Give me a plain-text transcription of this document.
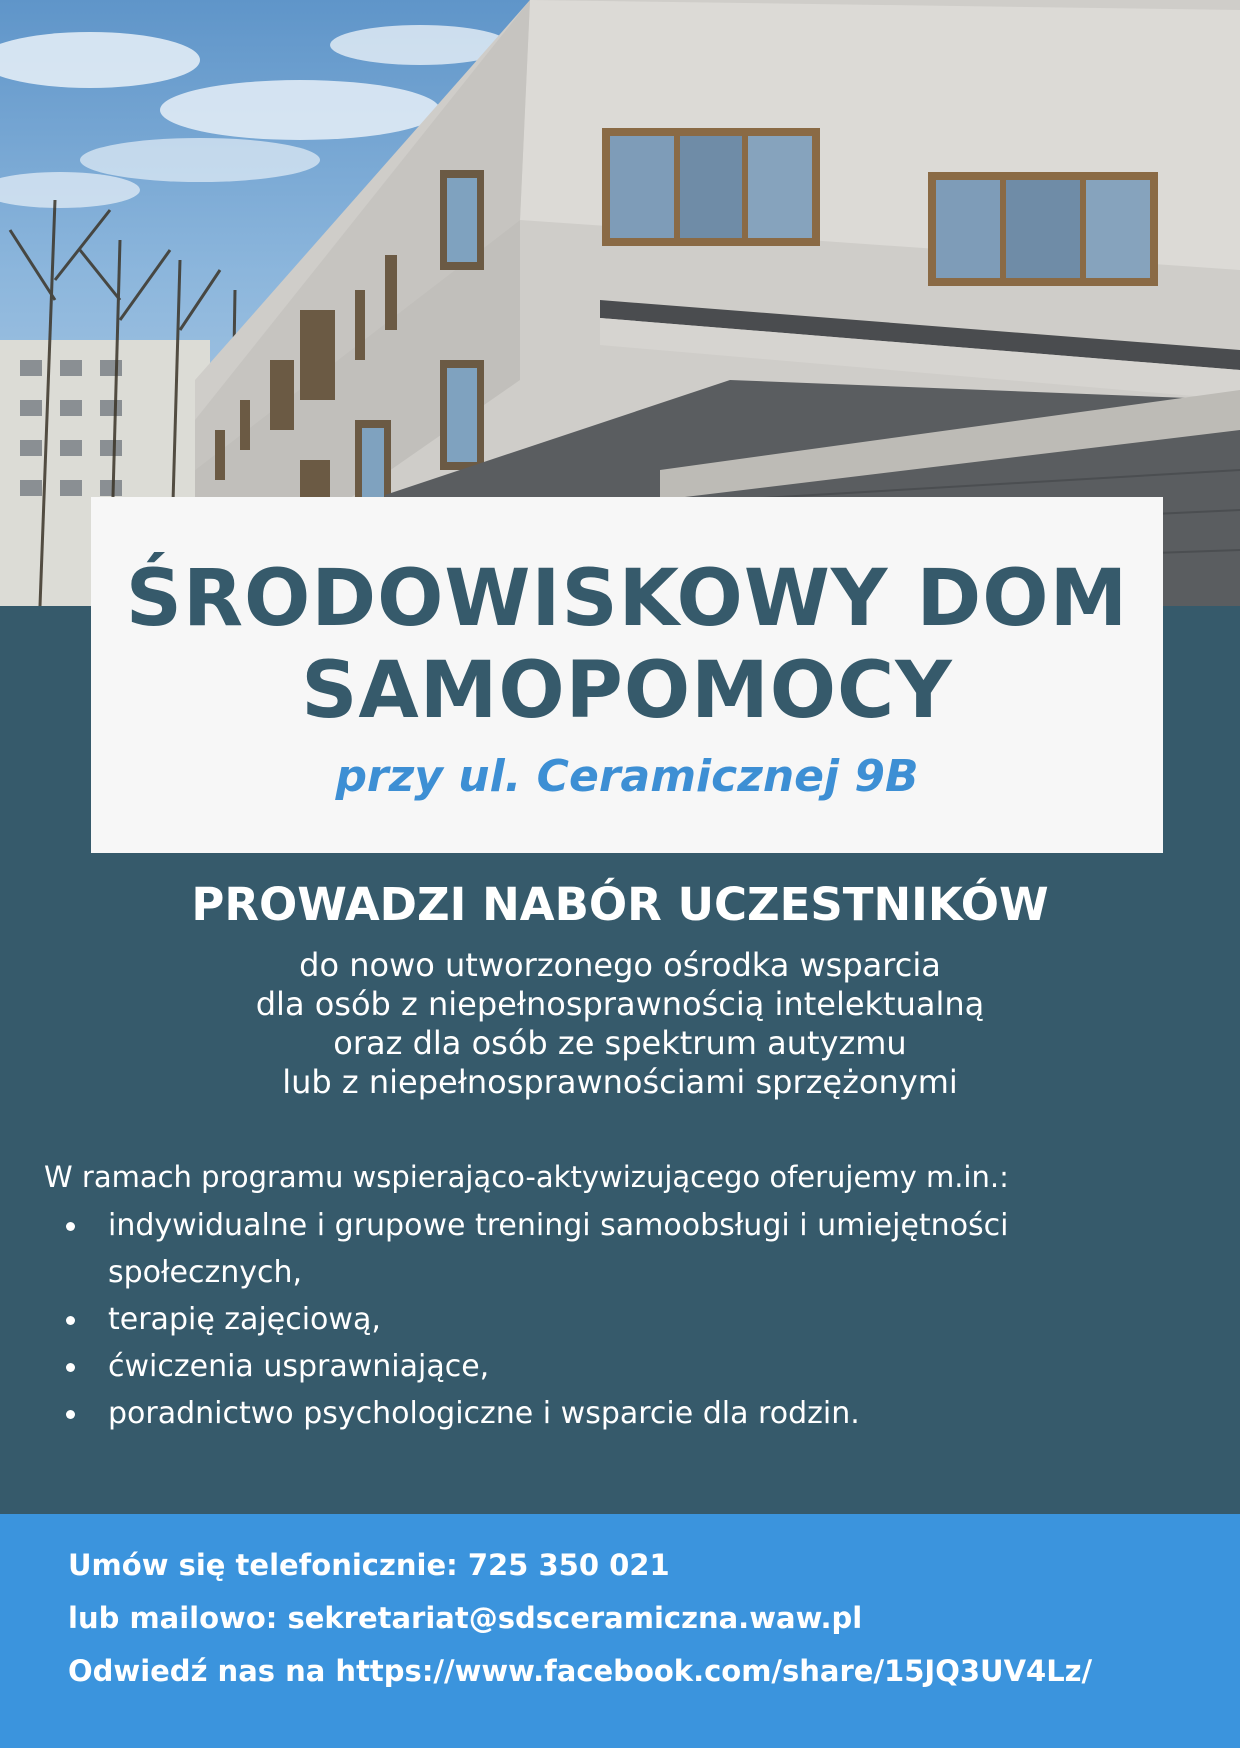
ŚRODOWISKOWY DOM
SAMOPOMOCY
przy ul. Ceramicznej 9B
PROWADZI NABÓR UCZESTNIKÓW
do nowo utworzonego ośrodka wsparcia
dla osób z niepełnosprawnością intelektualną
oraz dla osób ze spektrum autyzmu
lub z niepełnosprawnościami sprzężonymi
W ramach programu wspierająco-aktywizującego oferujemy m.in.:
indywidualne i grupowe treningi samoobsługi i umiejętności
społecznych,
terapię zajęciową,
ćwiczenia usprawniające,
poradnictwo psychologiczne i wsparcie dla rodzin.
Umów się telefonicznie: 725 350 021
lub mailowo: sekretariat@sdsceramiczna.waw.pl
Odwiedź nas na https://www.facebook.com/share/15JQ3UV4Lz/
